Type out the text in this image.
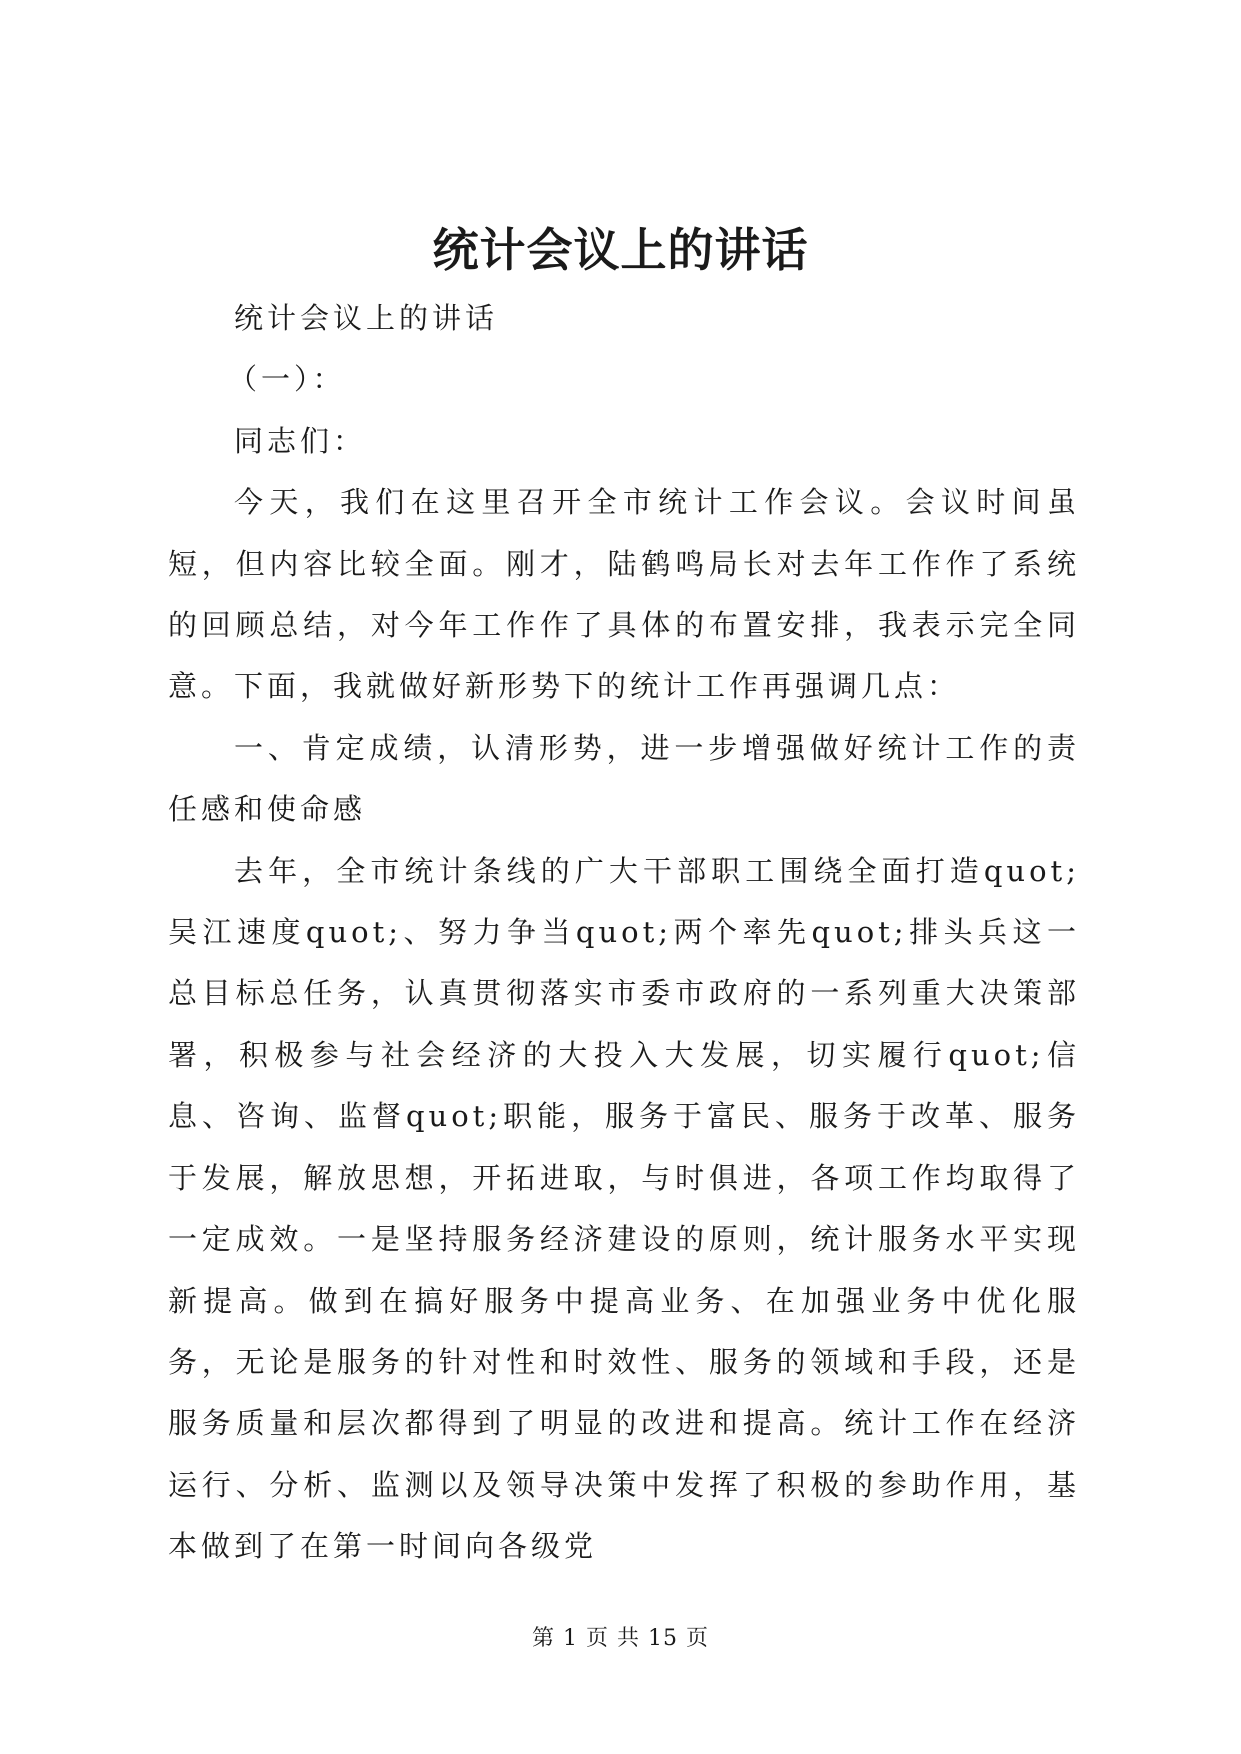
统计会议上的讲话

统计会议上的讲话

（一）：

同志们：

今天，我们在这里召开全市统计工作会议。会议时间虽短，但内容比较全面。刚才，陆鹤鸣局长对去年工作作了系统的回顾总结，对今年工作作了具体的布置安排，我表示完全同意。下面，我就做好新形势下的统计工作再强调几点：

一、肯定成绩，认清形势，进一步增强做好统计工作的责任感和使命感

去年，全市统计条线的广大干部职工围绕全面打造quot;吴江速度quot;、努力争当quot;两个率先quot;排头兵这一总目标总任务，认真贯彻落实市委市政府的一系列重大决策部署，积极参与社会经济的大投入大发展，切实履行quot;信息、咨询、监督quot;职能，服务于富民、服务于改革、服务于发展，解放思想，开拓进取，与时俱进，各项工作均取得了一定成效。一是坚持服务经济建设的原则，统计服务水平实现新提高。做到在搞好服务中提高业务、在加强业务中优化服务，无论是服务的针对性和时效性、服务的领域和手段，还是服务质量和层次都得到了明显的改进和提高。统计工作在经济运行、分析、监测以及领导决策中发挥了积极的参助作用，基本做到了在第一时间向各级党

第 1 页 共 15 页
